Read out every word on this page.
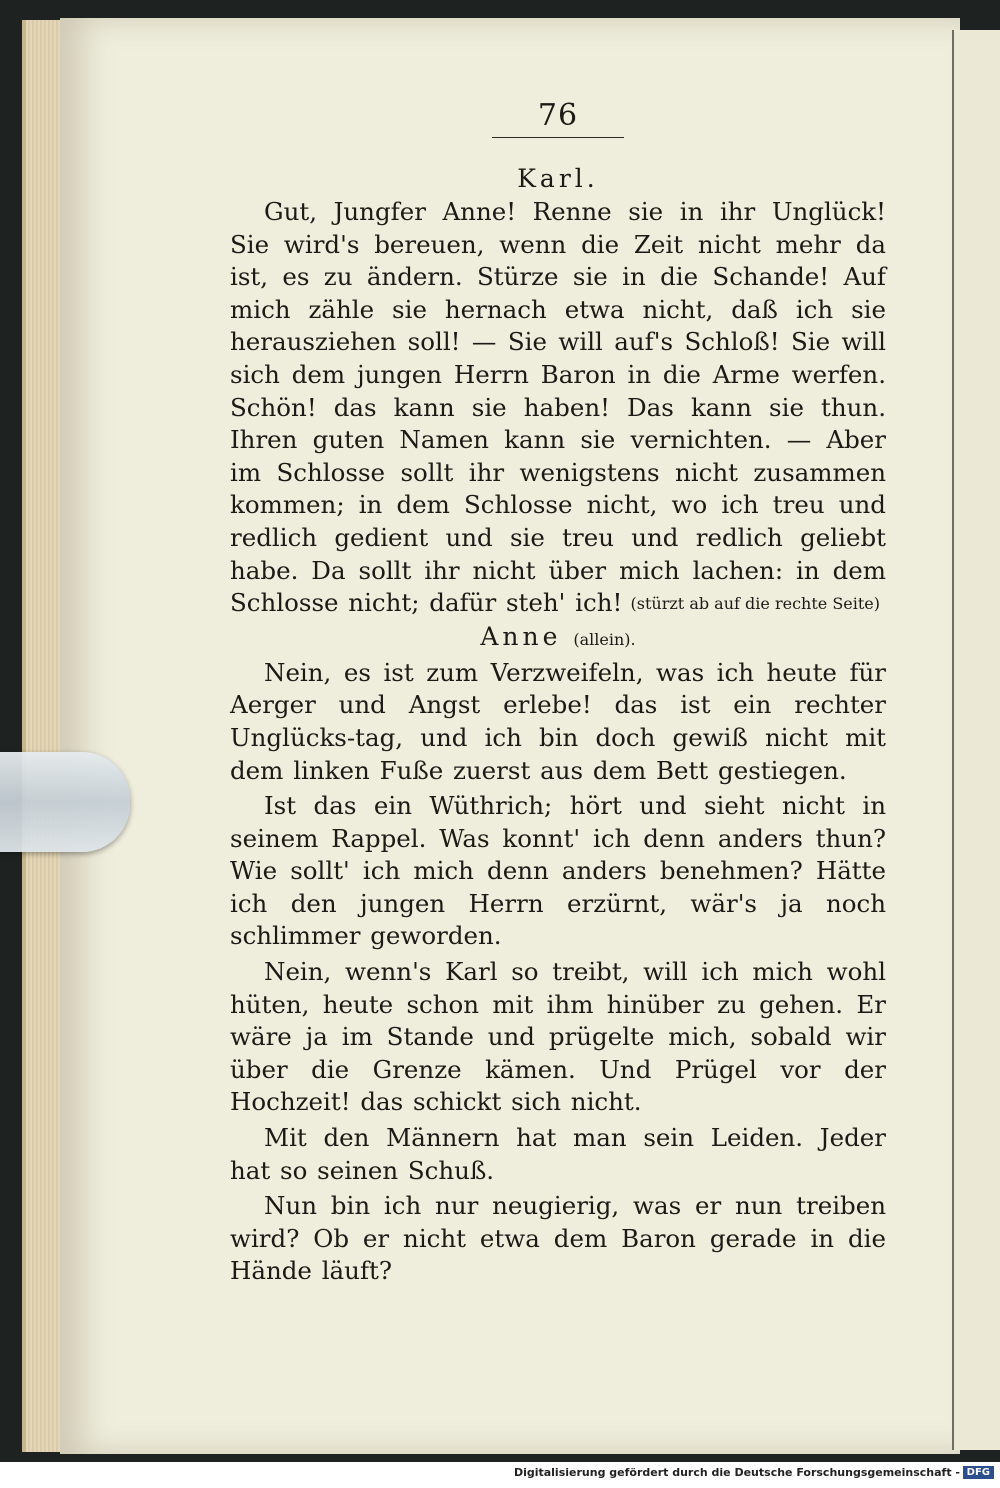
76

Karl.

Gut, Jungfer Anne! Renne sie in ihr Unglück! Sie wird's bereuen, wenn die Zeit nicht mehr da ist, es zu ändern. Stürze sie in die Schande! Auf mich zähle sie hernach etwa nicht, daß ich sie herausziehen soll! — Sie will auf's Schloß! Sie will sich dem jungen Herrn Baron in die Arme werfen. Schön! das kann sie haben! Das kann sie thun. Ihren guten Namen kann sie vernichten. — Aber im Schlosse sollt ihr wenigstens nicht zusammen kommen; in dem Schlosse nicht, wo ich treu und redlich gedient und sie treu und redlich geliebt habe. Da sollt ihr nicht über mich lachen: in dem Schlosse nicht; dafür steh' ich! (stürzt ab auf die rechte Seite)

Anne (allein).

Nein, es ist zum Verzweifeln, was ich heute für Aerger und Angst erlebe! das ist ein rechter Unglücks-tag, und ich bin doch gewiß nicht mit dem linken Fuße zuerst aus dem Bett gestiegen.

Ist das ein Wüthrich; hört und sieht nicht in seinem Rappel. Was konnt' ich denn anders thun? Wie sollt' ich mich denn anders benehmen? Hätte ich den jungen Herrn erzürnt, wär's ja noch schlimmer geworden.

Nein, wenn's Karl so treibt, will ich mich wohl hüten, heute schon mit ihm hinüber zu gehen. Er wäre ja im Stande und prügelte mich, sobald wir über die Grenze kämen. Und Prügel vor der Hochzeit! das schickt sich nicht.

Mit den Männern hat man sein Leiden. Jeder hat so seinen Schuß.

Nun bin ich nur neugierig, was er nun treiben wird? Ob er nicht etwa dem Baron gerade in die Hände läuft?

Digitalisierung gefördert durch die Deutsche Forschungsgemeinschaft - DFG
